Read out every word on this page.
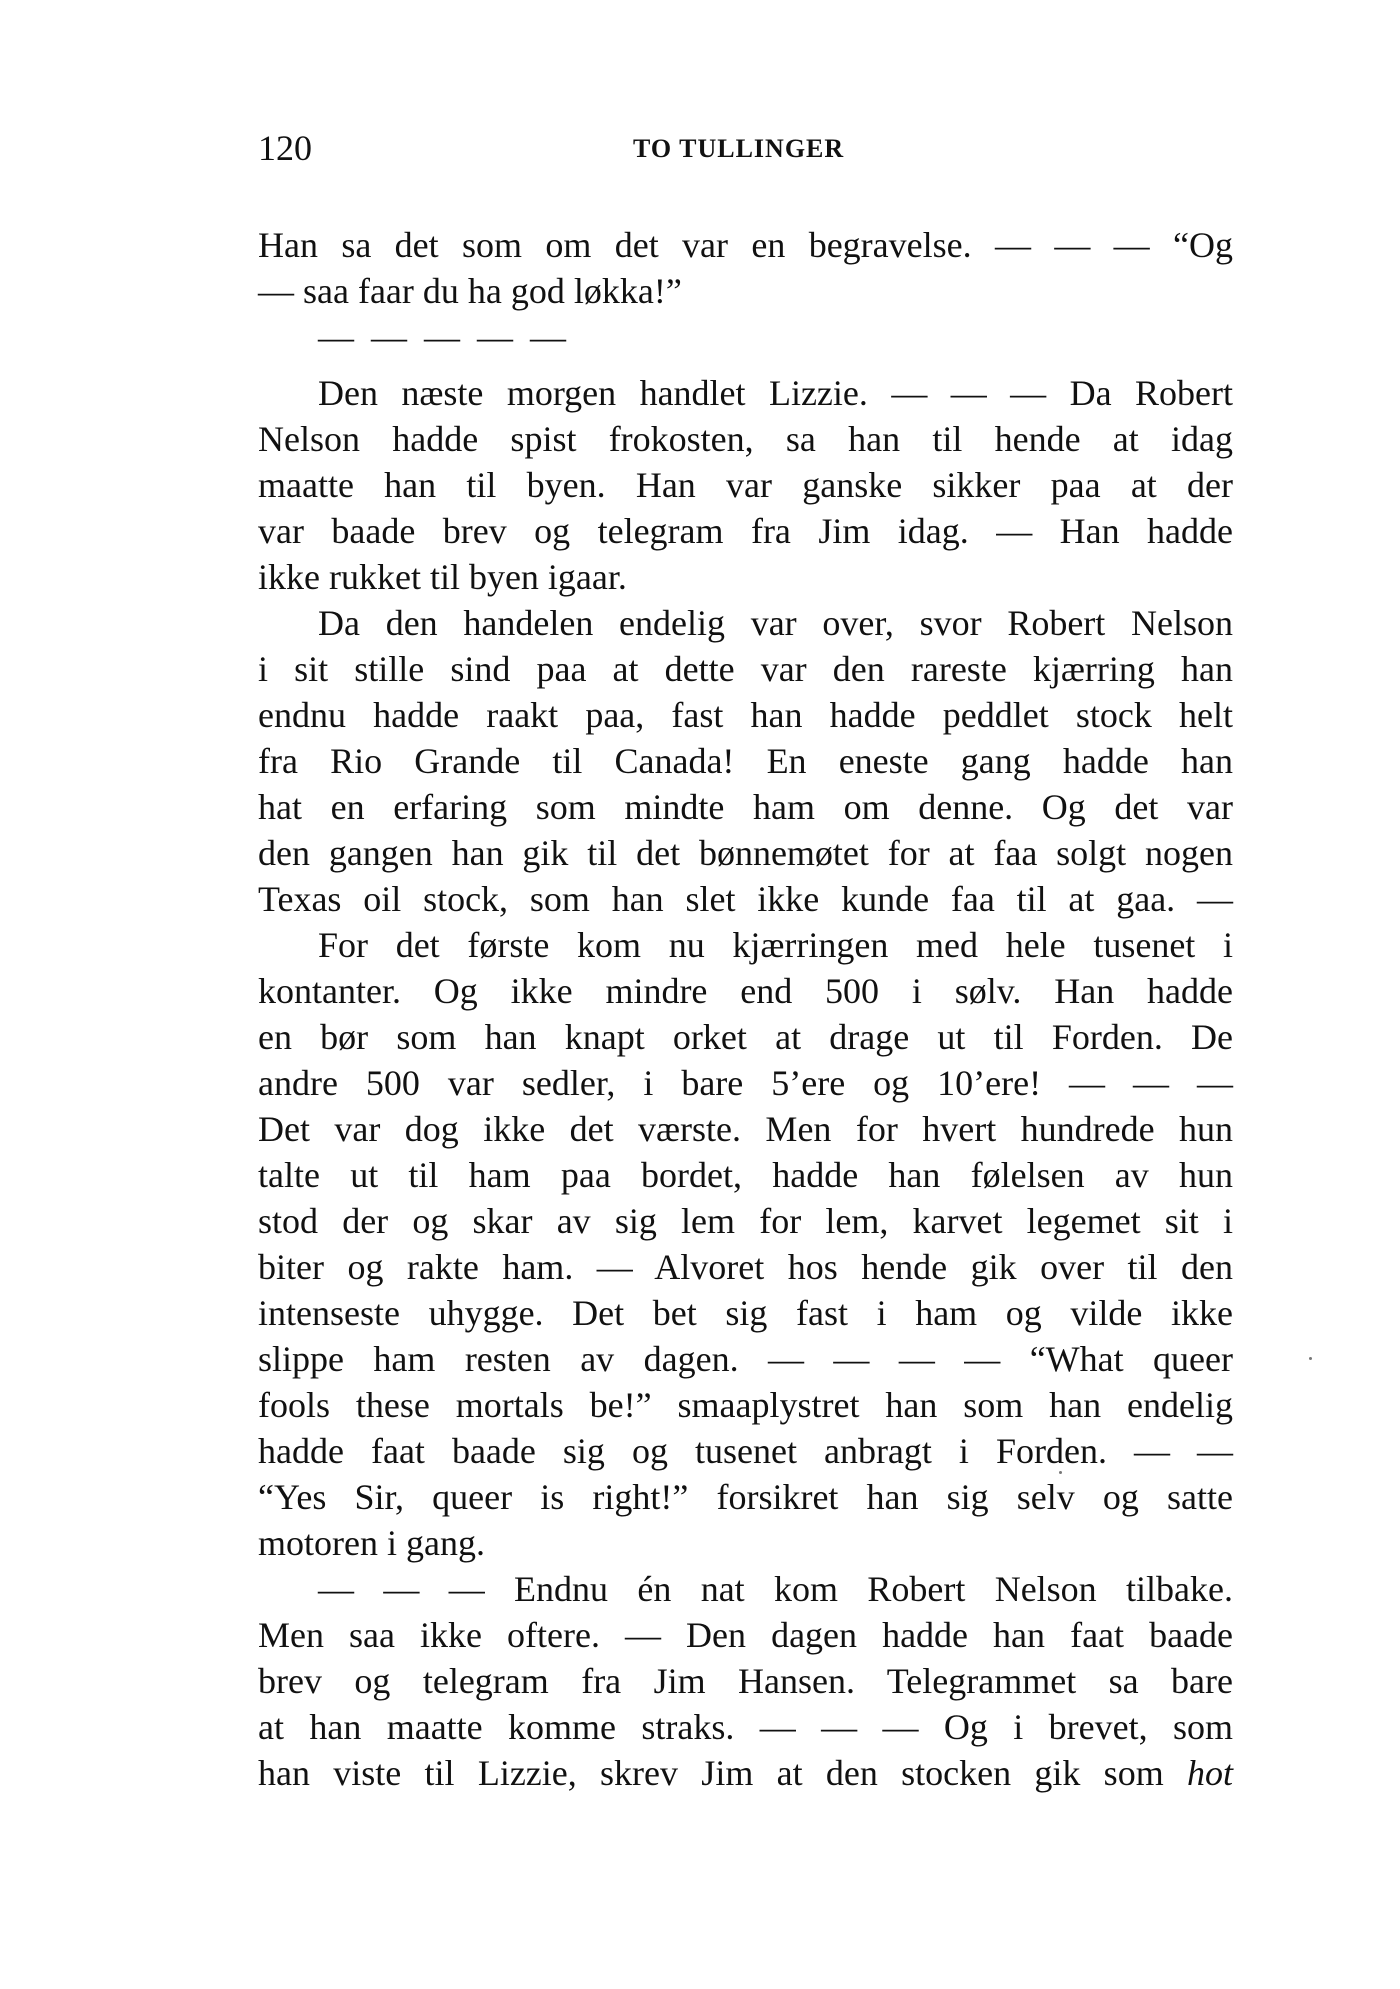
120	TO TULLINGER
Han sa det som om det var en begravelse. — — — “Og
— saa faar du ha god løkka!”
— — — — —
Den næste morgen handlet Lizzie. — — — Da Robert
Nelson hadde spist frokosten, sa han til hende at idag
maatte han til byen. Han var ganske sikker paa at der
var baade brev og telegram fra Jim idag. — Han hadde
ikke rukket til byen igaar.
Da den handelen endelig var over, svor Robert Nelson
i sit stille sind paa at dette var den rareste kjærring han
endnu hadde raakt paa, fast han hadde peddlet stock helt
fra Rio Grande til Canada! En eneste gang hadde han
hat en erfaring som mindte ham om denne. Og det var
den gangen han gik til det bønnemøtet for at faa solgt nogen
Texas oil stock, som han slet ikke kunde faa til at gaa. —
For det første kom nu kjærringen med hele tusenet i
kontanter. Og ikke mindre end 500 i sølv. Han hadde
en bør som han knapt orket at drage ut til Forden. De
andre 500 var sedler, i bare 5’ere og 10’ere! — — —
Det var dog ikke det værste. Men for hvert hundrede hun
talte ut til ham paa bordet, hadde han følelsen av hun
stod der og skar av sig lem for lem, karvet legemet sit i
biter og rakte ham. — Alvoret hos hende gik over til den
intenseste uhygge. Det bet sig fast i ham og vilde ikke
slippe ham resten av dagen. — — — — “What queer
fools these mortals be!” smaaplystret han som han endelig
hadde faat baade sig og tusenet anbragt i Forden. — —
“Yes Sir, queer is right!” forsikret han sig selv og satte
motoren i gang.
— — — Endnu én nat kom Robert Nelson tilbake.
Men saa ikke oftere. — Den dagen hadde han faat baade
brev og telegram fra Jim Hansen. Telegrammet sa bare
at han maatte komme straks. — — — Og i brevet, som
han viste til Lizzie, skrev Jim at den stocken gik som hot
